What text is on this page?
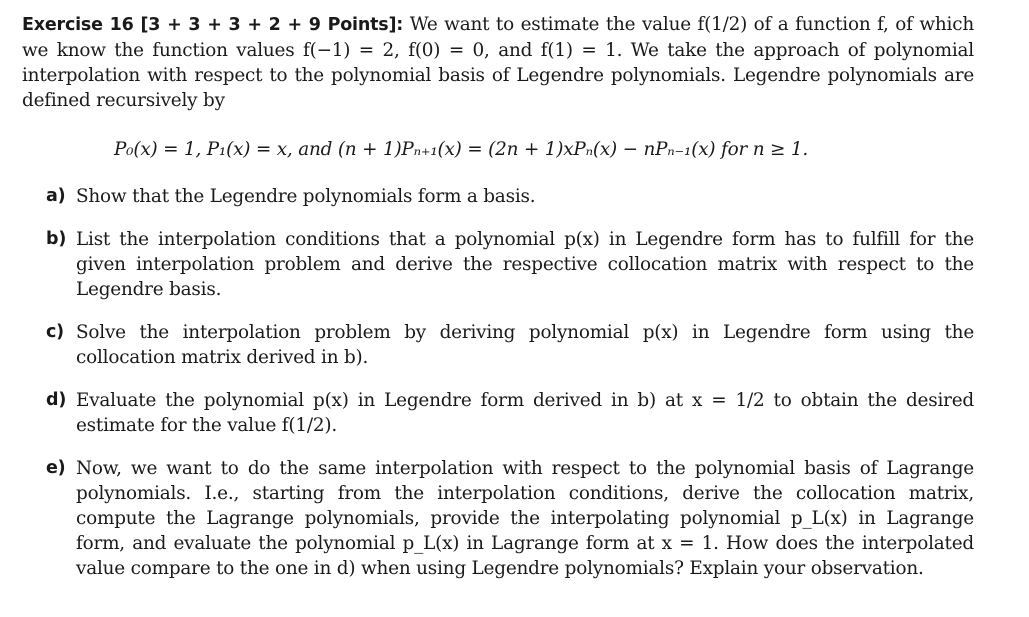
Exercise 16 [3 + 3 + 3 + 2 + 9 Points]: We want to estimate the value f(1/2) of a function f, of which we know the function values f(−1) = 2, f(0) = 0, and f(1) = 1. We take the approach of polynomial interpolation with respect to the polynomial basis of Legendre polynomials. Legendre polynomials are defined recursively by

P₀(x) = 1, P₁(x) = x, and (n + 1)Pₙ₊₁(x) = (2n + 1)xPₙ(x) − nPₙ₋₁(x) for n ≥ 1.
a) Show that the Legendre polynomials form a basis.
b) List the interpolation conditions that a polynomial p(x) in Legendre form has to fulfill for the given interpolation problem and derive the respective collocation matrix with respect to the Legendre basis.
c) Solve the interpolation problem by deriving polynomial p(x) in Legendre form using the collocation matrix derived in b).
d) Evaluate the polynomial p(x) in Legendre form derived in b) at x = 1/2 to obtain the desired estimate for the value f(1/2).
e) Now, we want to do the same interpolation with respect to the polynomial basis of Lagrange polynomials. I.e., starting from the interpolation conditions, derive the collocation matrix, compute the Lagrange polynomials, provide the interpolating polynomial p_L(x) in Lagrange form, and evaluate the polynomial p_L(x) in Lagrange form at x = 1. How does the interpolated value compare to the one in d) when using Legendre polynomials? Explain your observation.
